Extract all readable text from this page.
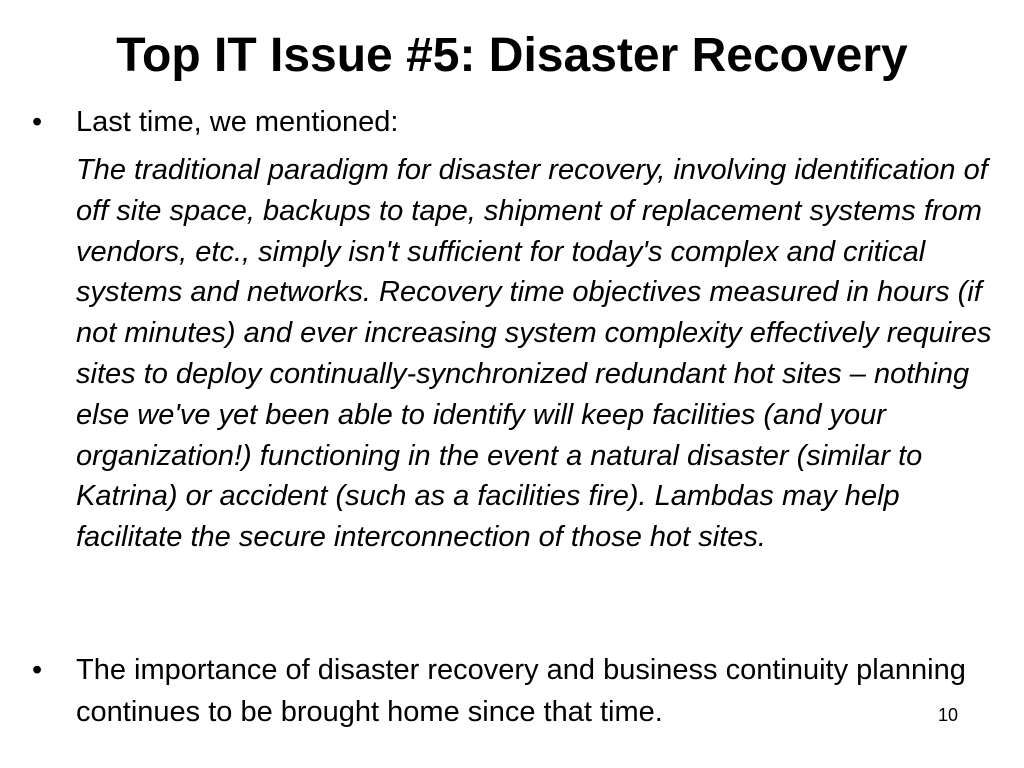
Top IT Issue #5: Disaster Recovery
• Last time, we mentioned:

The traditional paradigm for disaster recovery, involving identification of off site space, backups to tape, shipment of replacement systems from vendors, etc., simply isn't sufficient for today's complex and critical systems and networks. Recovery time objectives measured in hours (if not minutes) and ever increasing system complexity effectively requires sites to deploy continually-synchronized redundant hot sites – nothing else we've yet been able to identify will keep facilities (and your organization!) functioning in the event a natural disaster (similar to Katrina) or accident (such as a facilities fire). Lambdas may help facilitate the secure interconnection of those hot sites.

• The importance of disaster recovery and business continuity planning continues to be brought home since that time.	10
